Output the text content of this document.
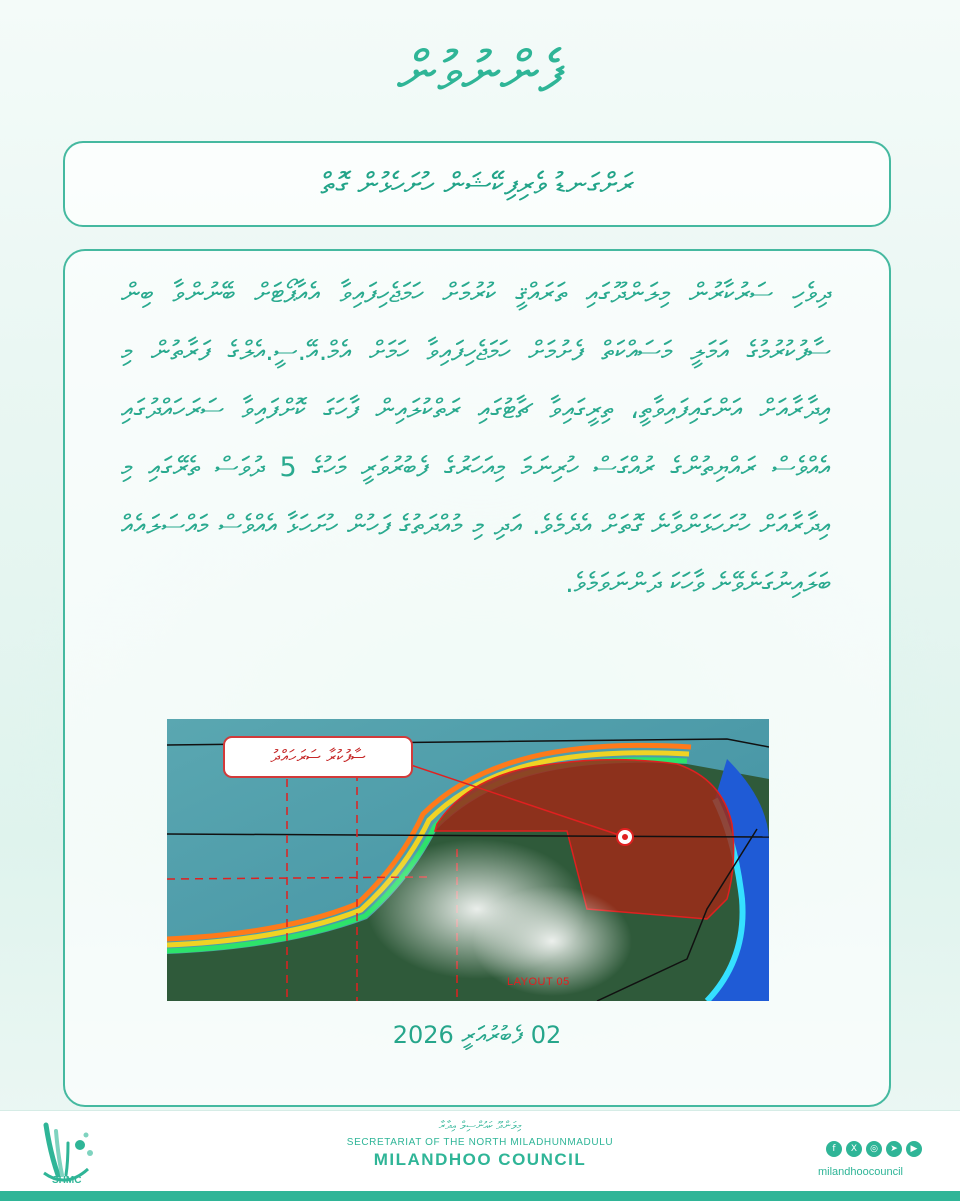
ފެންނުވުން
ރަށްގަނޑު ވެރިފިކޭޝަން ހުށަހެޅުން ގޮތް
ދިވެހި ސަރުކާރުން މިލަންދޫގައި ތަރައްޤީ ކުރުމަށް ހަމަޖެހިފައިވާ އެއާޕޯޓަށް ބޭނުންވާ ބިން ސާފުކުރުމުގެ އަމަލީ މަސައްކަތް ފެށުމަށް ހަމަޖެހިފައިވާ ހަމަށް އެމް.އޭ.ސީ.އެލްގެ ފަރާތުން މި އިދާރާއަށް އަންގައިފައިވާތީ، ތިރީގައިވާ ޗާޓުގައި ރަތްކުލައިން ފާހަގަ ކޮށްފައިވާ ސަރަހައްދުގައި އެއްވެސް ރައްޔިތުންގެ ރުއްގަސް ހުރިނަމަ މިއަހަރުގެ ފެބުރުވަރީ މަހުގެ 5 ދުވަސް ތެރޭގައި މި އިދާރާއަށް ހުށަހަޅަންވާނެ ގޮތަށް އެދެމެވެ. އަދި މި މުއްދަތުގެ ފަހުން ހުށަހަޅާ އެއްވެސް މައްސަލައެއް ބަލައިނުގަނެވޭނެ ވާހަކަ ދަންނަވަމެވެ.
ސާފުކުރާ ސަރަހައްދު
LAYOUT 05
02 ފެބުރުއަރީ 2026
SHMC
މިލަންދޫ ކައުންސިލް އިދާރާ
SECRETARIAT OF THE NORTH MILADHUNMADULU
MILANDHOO COUNCIL
f	X	◎	➤	▶
milandhoocouncil
